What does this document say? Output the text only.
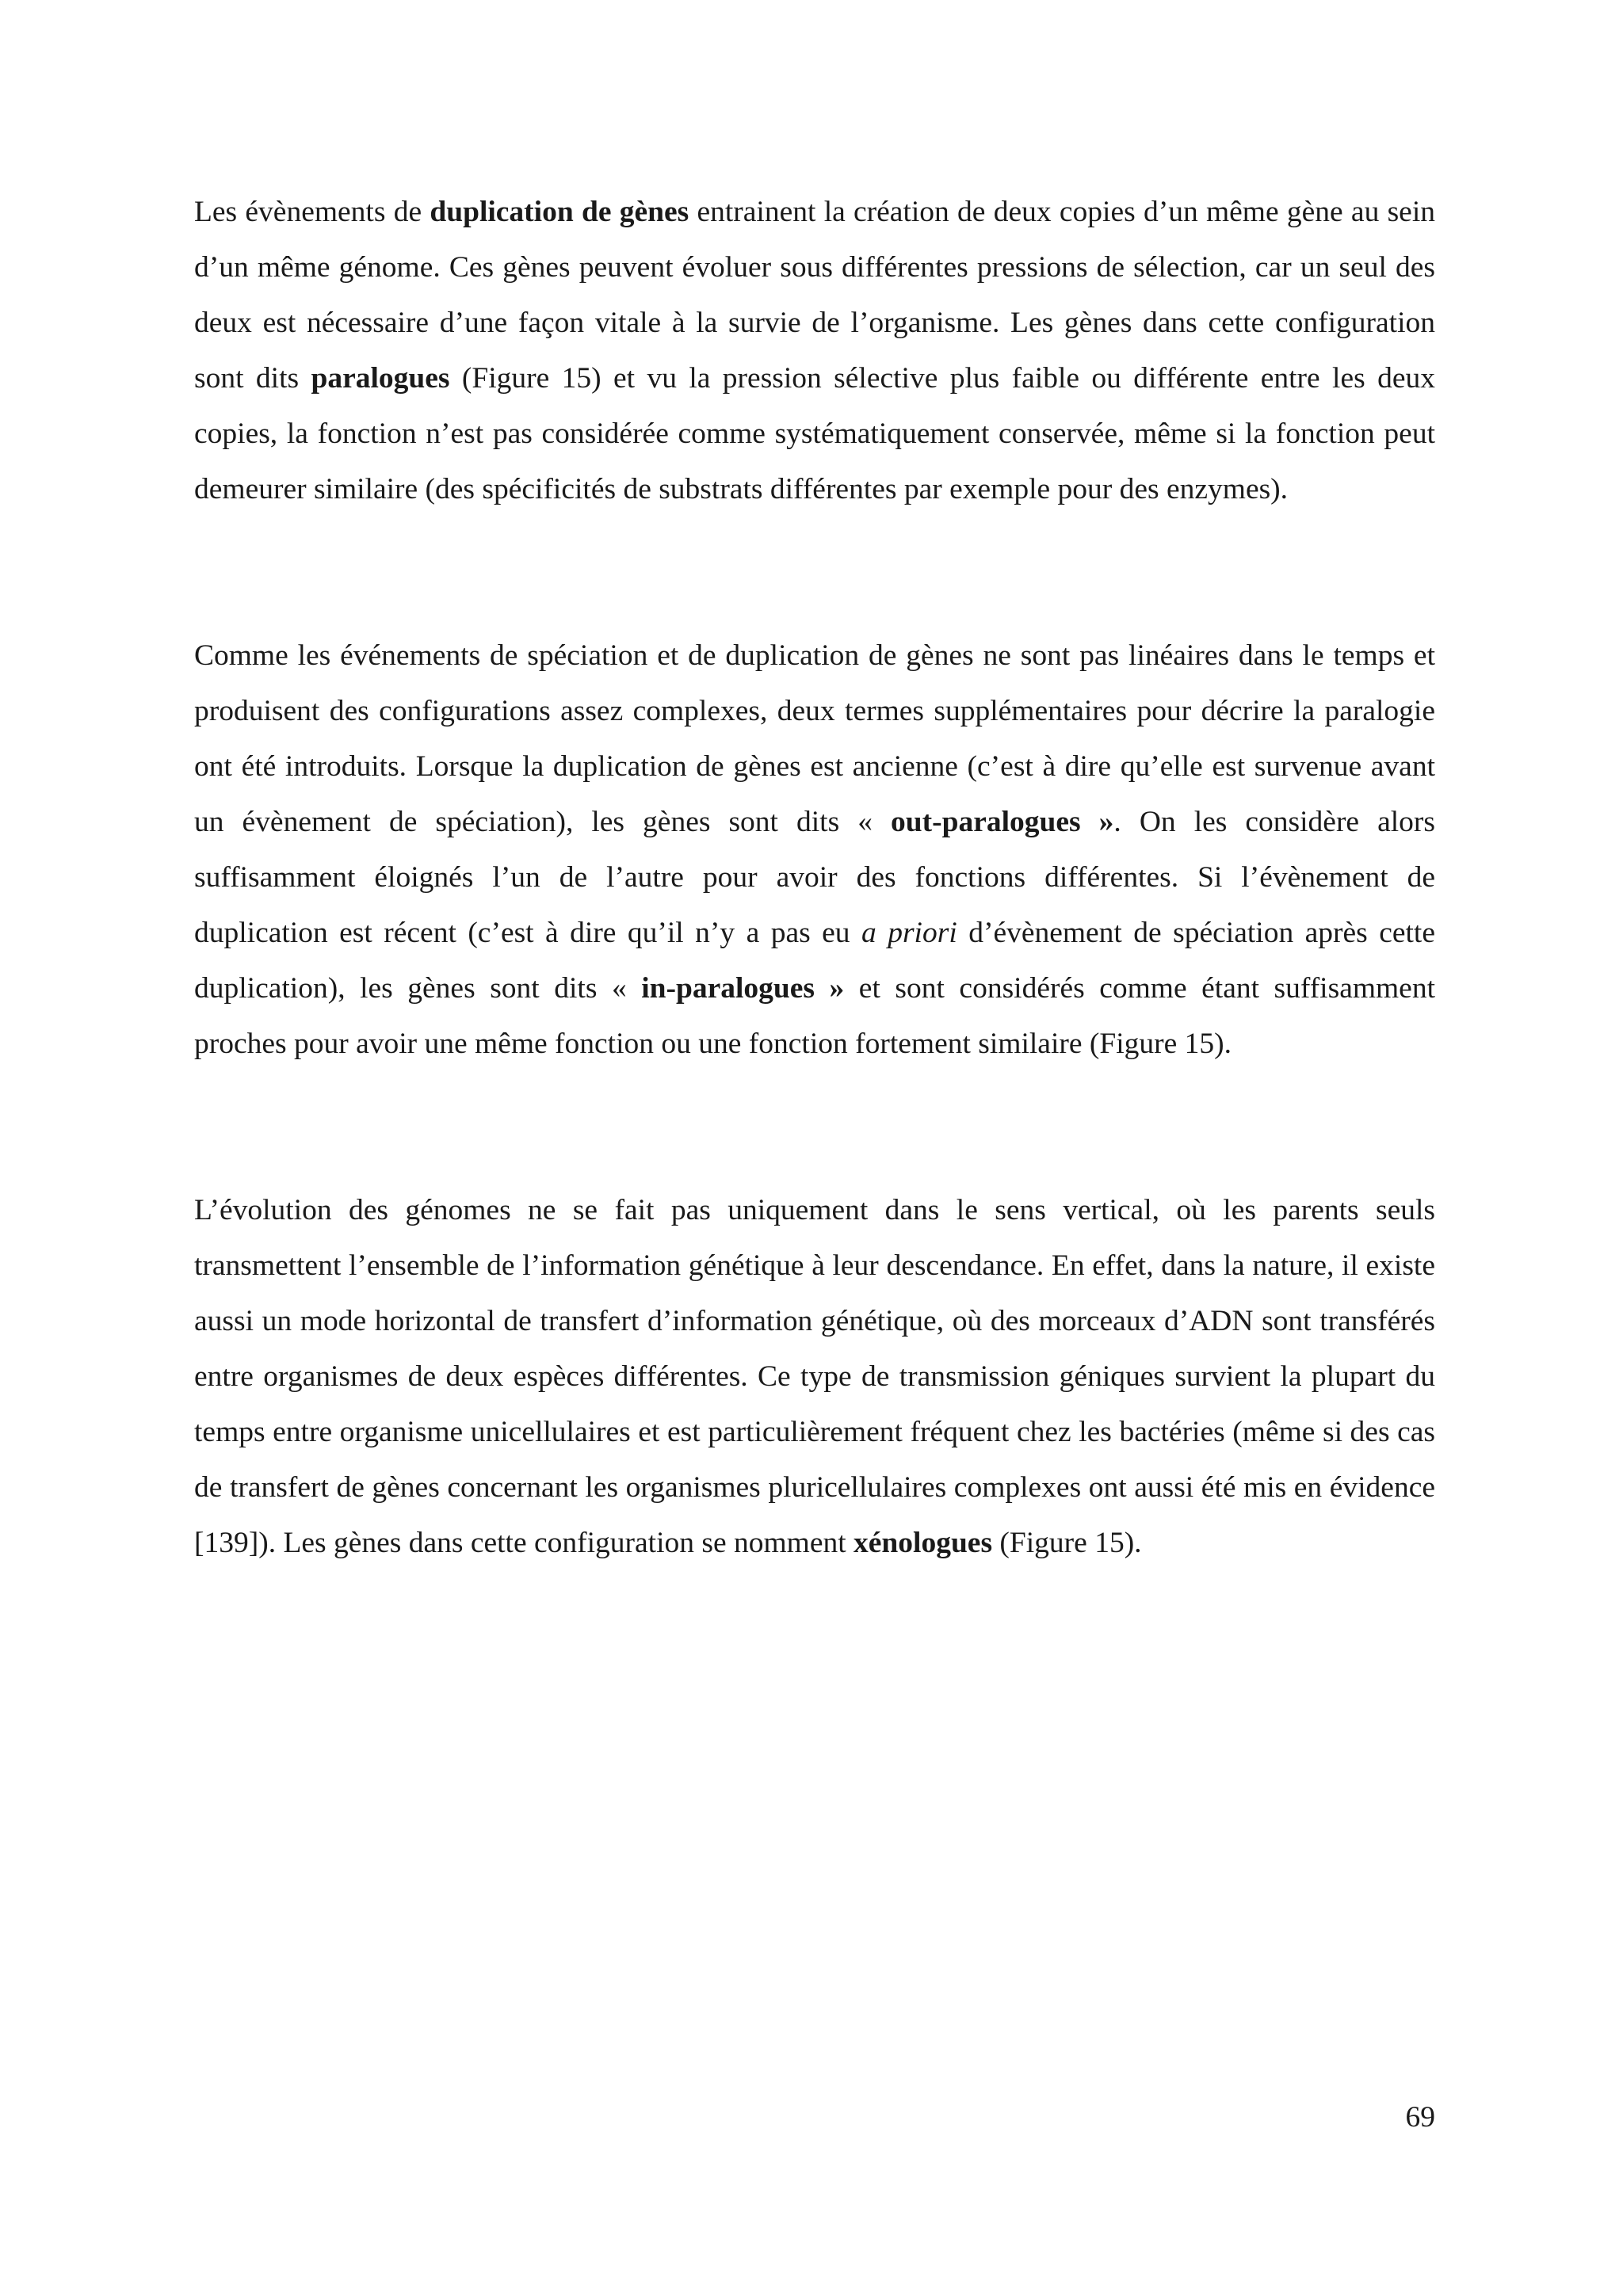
Les évènements de duplication de gènes entrainent la création de deux copies d’un même gène au sein d’un même génome. Ces gènes peuvent évoluer sous différentes pressions de sélection, car un seul des deux est nécessaire d’une façon vitale à la survie de l’organisme. Les gènes dans cette configuration sont dits paralogues (Figure 15) et vu la pression sélective plus faible ou différente entre les deux copies, la fonction n’est pas considérée comme systématiquement conservée, même si la fonction peut demeurer similaire (des spécificités de substrats différentes par exemple pour des enzymes).

Comme les événements de spéciation et de duplication de gènes ne sont pas linéaires dans le temps et produisent des configurations assez complexes, deux termes supplémentaires pour décrire la paralogie ont été introduits. Lorsque la duplication de gènes est ancienne (c’est à dire qu’elle est survenue avant un évènement de spéciation), les gènes sont dits « out-paralogues ». On les considère alors suffisamment éloignés l’un de l’autre pour avoir des fonctions différentes. Si l’évènement de duplication est récent (c’est à dire qu’il n’y a pas eu a priori d’évènement de spéciation après cette duplication), les gènes sont dits « in-paralogues » et sont considérés comme étant suffisamment proches pour avoir une même fonction ou une fonction fortement similaire (Figure 15).

L’évolution des génomes ne se fait pas uniquement dans le sens vertical, où les parents seuls transmettent l’ensemble de l’information génétique à leur descendance. En effet, dans la nature, il existe aussi un mode horizontal de transfert d’information génétique, où des morceaux d’ADN sont transférés entre organismes de deux espèces différentes. Ce type de transmission géniques survient la plupart du temps entre organisme unicellulaires et est particulièrement fréquent chez les bactéries (même si des cas de transfert de gènes concernant les organismes pluricellulaires complexes ont aussi été mis en évidence [139]). Les gènes dans cette configuration se nomment xénologues (Figure 15).

69
